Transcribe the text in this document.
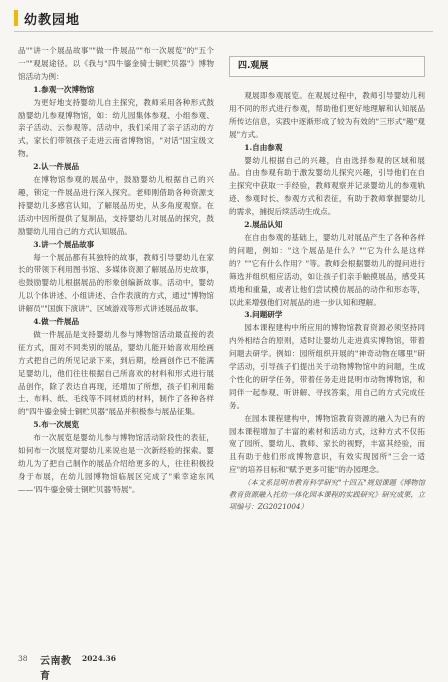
幼教园地

品""讲一个展品故事""做一件展品""布一次展览"的"五个一""观展途径。以《我与"四牛鎏金骑士铜贮贝器"》博物馆活动为例：

1.参观一次博物馆

为更好地支持婴幼儿自主探究，教师采用各种形式鼓励婴幼儿参观博物馆，如：幼儿园集体参观、小组参观、亲子活动、云参观等。活动中，我们采用了亲子活动的方式，家长们带领孩子走进云南省博物馆，"对话"国宝级文物。

2.认一件展品

在博物馆参观的展品中，鼓励婴幼儿根据自己的兴趣，锁定一件展品进行深入探究。老师刚借助各种资源支持婴幼儿多感官认知，了解展品历史，从多角度观察。在活动中因所提供了复制品，支持婴幼儿对展品的探究，鼓励婴幼儿用自己的方式认知展品。

3.讲一个展品故事

每一个展品都有其独特的故事，教师引导婴幼儿在家长的带领下利用图书馆、多媒体资源了解展品历史故事，也鼓励婴幼儿根据展品的形象创编新故事。活动中，婴幼儿以个体讲述、小组讲述、合作表演的方式，通过"博物馆讲解员""国旗下演讲"、区域游戏等形式讲述展品故事。

4.做一件展品

做一件展品是支持婴幼儿参与博物馆活动最直接的表征方式，面对不同类别的展品，婴幼儿能开始喜欢用绘画方式把自己的所见记录下来，到后期，绘画创作已不能满足婴幼儿，他们往往根据自己所喜欢的材料和形式进行展品创作，除了表达自再现，还增加了所想，孩子们利用黏土、布料、纸、毛线等不同材质的材料，制作了各种各样的"四牛鎏金骑士铜贮贝器"展品并积极参与展品征集。

5.布一次展览

布一次展览是婴幼儿参与博物馆活动阶段性的表征，如何布一次展览对婴幼儿来说也是一次新经验的探索。婴幼儿为了把自己制作的展品介绍给更多的人，往往积极投身于布展，在幼儿园博物馆临展区完成了"乘幸途东风——'四牛鎏金骑士铜贮贝器'特展"。

四.观展

观展即参观展览。在观展过程中，教师引导婴幼儿利用不同的形式进行参观，帮助他们更好地理解和认知展品所传达信息，实践中逐渐形成了较为有效的"三形式"趣"观展"方式。

1.自由参观

婴幼儿根据自己的兴趣，自由选择参观的区域和展品。自由参观有助于激发婴幼儿探究兴趣，引导他们在自主探究中获取一手经验，教师观察并记录婴幼儿的参观轨迹、参观时长、参观方式和表征，有助于教师掌握婴幼儿的需求，捕捉后续活动生成点。

2.展品认知

在自由参观的基础上，婴幼儿对展品产生了各种各样的问题，例如："这个展品是什么？""它为什么是这样的？""它有什么作用？"等。教师会根据婴幼儿的提问进行筛选并组织相应活动，如让孩子们亲手触摸展品，感受其质地和重量，或者让他们尝试模仿展品的动作和形态等，以此来增强他们对展品的进一步认知和理解。

3.问题研学

园本课程建构中所应用的博物馆教育资源必须坚持同内外相结合的原则，适时让婴幼儿走进真实博物馆，带着问题去研学。例如：园所组织开展的"神奇动物在哪里"研学活动，引导孩子们提出关于动物博物馆中的问题，生成个性化的研学任务，带着任务走进昆明市动物博物馆，和同伴一起参观、听讲解、寻找答案，用自己的方式完成任务。

在园本课程建构中，博物馆教育资源的融入为已有的园本课程增加了丰富的素材和活动方式，这种方式不仅拓宽了园所、婴幼儿、教师、家长的视野，丰富其经验，而且有助于他们形成博物意识，有效实现园所"三会一适应"的培养目标和"赋予更多可能"的办园理念。

（本文系昆明市教育科学研究"十四五"规划课题《博物馆教育资源融入托幼一体化园本课程的实践研究》研究成果，立项编号：ZG2021004）

38	云南教育
2024.36
